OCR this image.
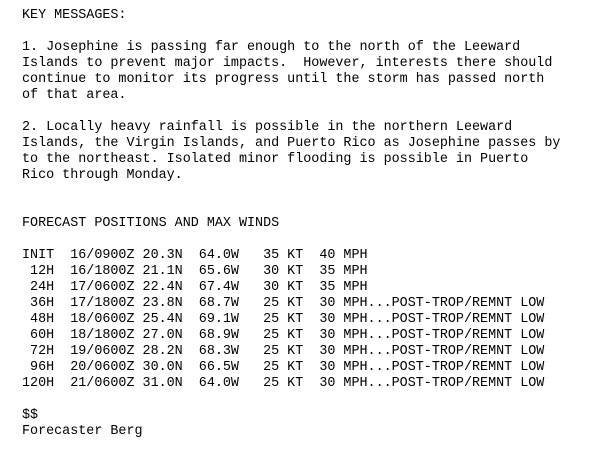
KEY MESSAGES:
1. Josephine is passing far enough to the north of the Leeward
Islands to prevent major impacts.  However, interests there should
continue to monitor its progress until the storm has passed north
of that area.
2. Locally heavy rainfall is possible in the northern Leeward
Islands, the Virgin Islands, and Puerto Rico as Josephine passes by
to the northeast. Isolated minor flooding is possible in Puerto
Rico through Monday.
FORECAST POSITIONS AND MAX WINDS
INIT  16/0900Z 20.3N  64.0W   35 KT  40 MPH
12H  16/1800Z 21.1N  65.6W   30 KT  35 MPH
24H  17/0600Z 22.4N  67.4W   30 KT  35 MPH
36H  17/1800Z 23.8N  68.7W   25 KT  30 MPH...POST-TROP/REMNT LOW
48H  18/0600Z 25.4N  69.1W   25 KT  30 MPH...POST-TROP/REMNT LOW
60H  18/1800Z 27.0N  68.9W   25 KT  30 MPH...POST-TROP/REMNT LOW
72H  19/0600Z 28.2N  68.3W   25 KT  30 MPH...POST-TROP/REMNT LOW
96H  20/0600Z 30.0N  66.5W   25 KT  30 MPH...POST-TROP/REMNT LOW
120H  21/0600Z 31.0N  64.0W   25 KT  30 MPH...POST-TROP/REMNT LOW
$$
Forecaster Berg
